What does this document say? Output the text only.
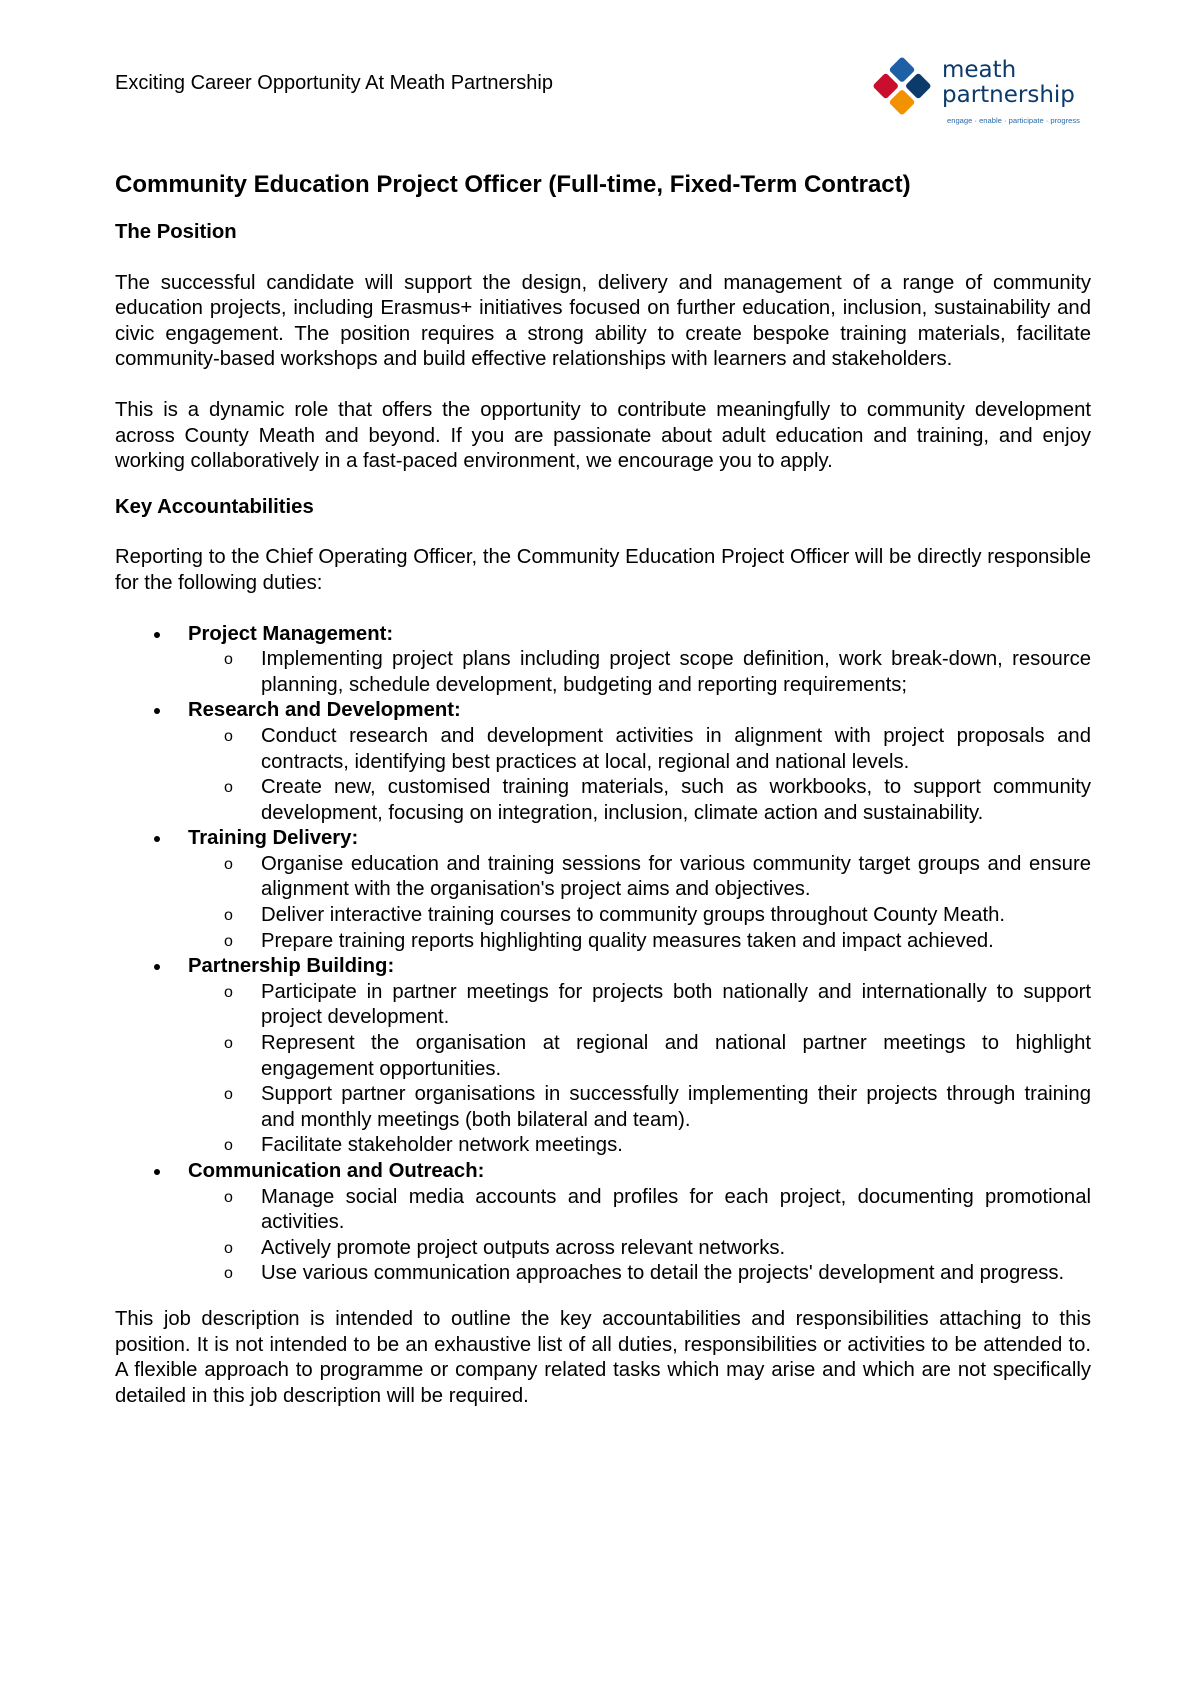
Exciting Career Opportunity At Meath Partnership	meath
partnership
engage · enable · participate · progress
Community Education Project Officer (Full-time, Fixed-Term Contract)
The Position

The successful candidate will support the design, delivery and management of a range of community education projects, including Erasmus+ initiatives focused on further education, inclusion, sustainability and civic engagement. The position requires a strong ability to create bespoke training materials, facilitate community-based workshops and build effective relationships with learners and stakeholders.

This is a dynamic role that offers the opportunity to contribute meaningfully to community development across County Meath and beyond. If you are passionate about adult education and training, and enjoy working collaboratively in a fast-paced environment, we encourage you to apply.

Key Accountabilities

Reporting to the Chief Operating Officer, the Community Education Project Officer will be directly responsible for the following duties:

Project Management:
o Implementing project plans including project scope definition, work break-down, resource planning, schedule development, budgeting and reporting requirements;
Research and Development:
o Conduct research and development activities in alignment with project proposals and contracts, identifying best practices at local, regional and national levels.
o Create new, customised training materials, such as workbooks, to support community development, focusing on integration, inclusion, climate action and sustainability.
Training Delivery:
o Organise education and training sessions for various community target groups and ensure alignment with the organisation's project aims and objectives.
o Deliver interactive training courses to community groups throughout County Meath.
o Prepare training reports highlighting quality measures taken and impact achieved.
Partnership Building:
o Participate in partner meetings for projects both nationally and internationally to support project development.
o Represent the organisation at regional and national partner meetings to highlight engagement opportunities.
o Support partner organisations in successfully implementing their projects through training and monthly meetings (both bilateral and team).
o Facilitate stakeholder network meetings.
Communication and Outreach:
o Manage social media accounts and profiles for each project, documenting promotional activities.
o Actively promote project outputs across relevant networks.
o Use various communication approaches to detail the projects' development and progress.

This job description is intended to outline the key accountabilities and responsibilities attaching to this position. It is not intended to be an exhaustive list of all duties, responsibilities or activities to be attended to. A flexible approach to programme or company related tasks which may arise and which are not specifically detailed in this job description will be required.
